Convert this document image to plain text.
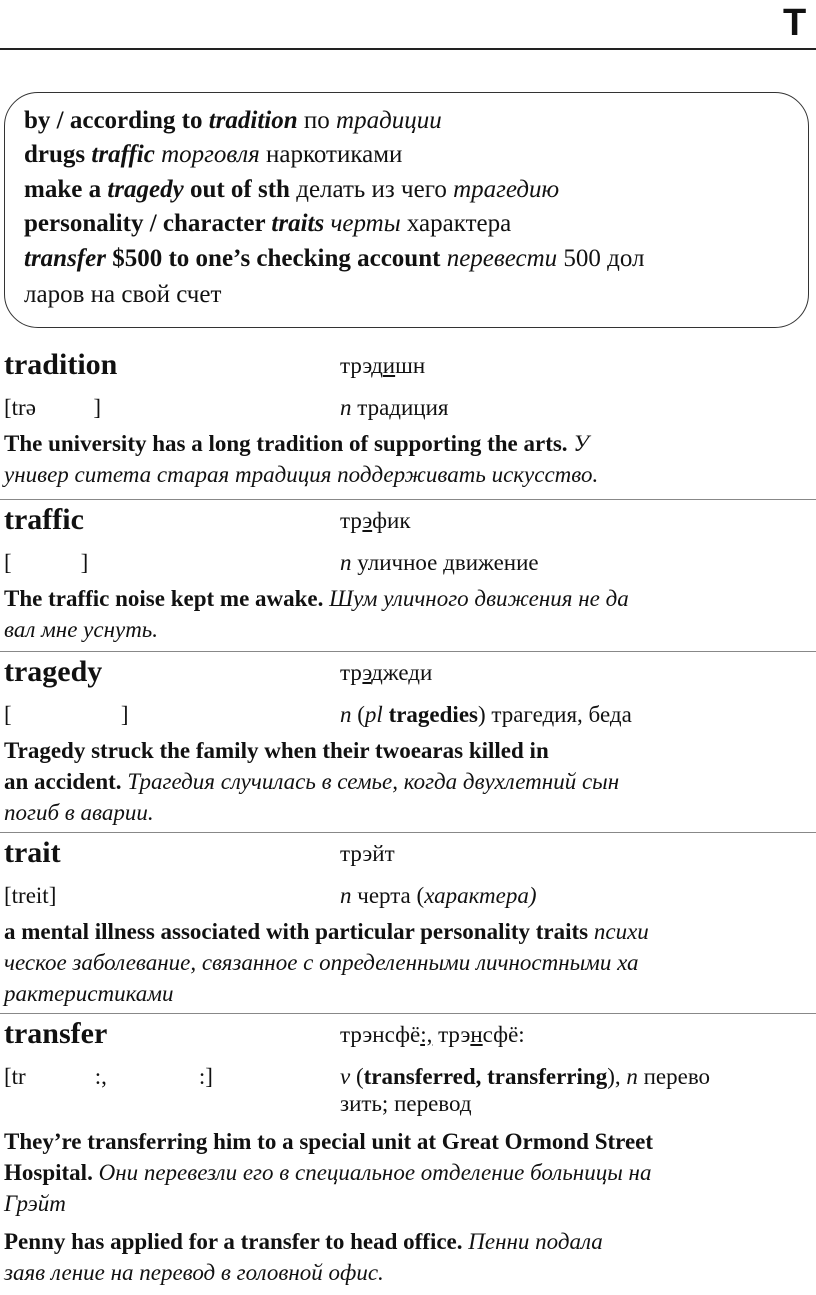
T
by / according to tradition по традиции
drugs traffic торговля наркотиками
make a tragedy out of sth делать из чего трагедию
personality / character traits черты характера
transfer $500 to one’s checking account перевести 500 дол
ларов на свой счет
tradition	трэдишн
[trə          ]	n традиция
The university has a long tradition of supporting the arts. У
универ ситета старая традиция поддерживать искусство.
traffic	трэфик
[            ]	n уличное движение
The traffic noise kept me awake. Шум уличного движения не да
вал мне уснуть.
tragedy	трэджеди
[                   ]	n (pl tragedies) трагедия, беда
Tragedy struck the family when their twoearas killed in
an accident. Трагедия случилась в семье, когда двухлетний сын
погиб в аварии.
trait	трэйт
[treit]	n черта (характера)
a mental illness associated with particular personality traits психи
ческое заболевание, связанное с определенными личностными ха
рактеристиками
transfer	трэнсфё:, трэнсфё:
[tr            :,                :]	v (transferred, transferring), n перево
зить; перевод
They’re transferring him to a special unit at Great Ormond Street
Hospital. Они перевезли его в специальное отделение больницы на
Грэйт
Penny has applied for a transfer to head office. Пенни подала
заяв ление на перевод в головной офис.
